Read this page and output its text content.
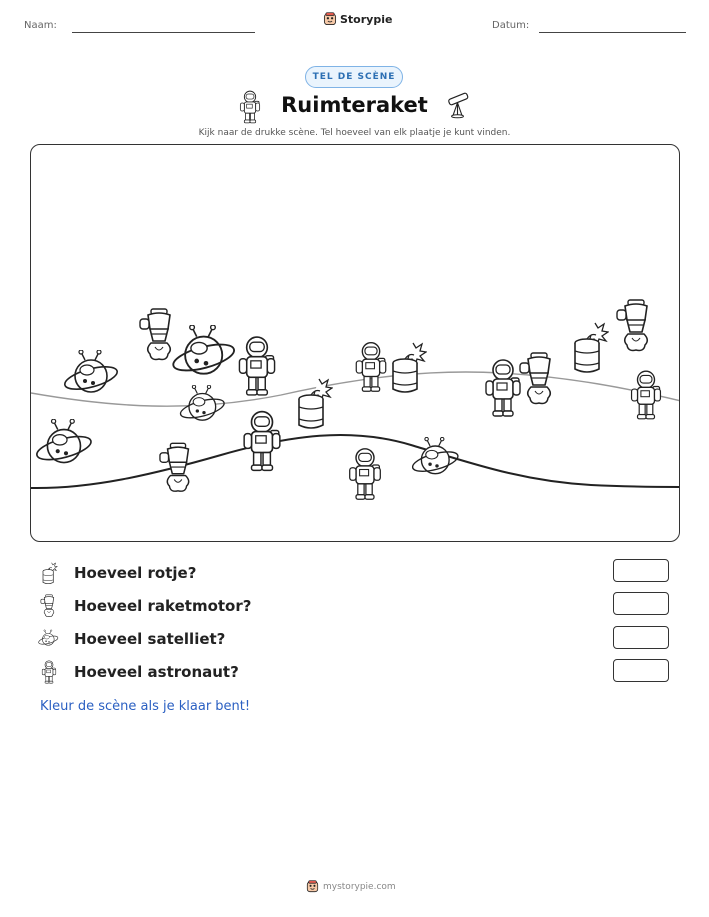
Naam:	Storypie	Datum:
TEL DE SCÈNE
Ruimteraket
Kijk naar de drukke scène. Tel hoeveel van elk plaatje je kunt vinden.
Hoeveel rotje?
Hoeveel raketmotor?
Hoeveel satelliet?
Hoeveel astronaut?
Kleur de scène als je klaar bent!
mystorypie.com
